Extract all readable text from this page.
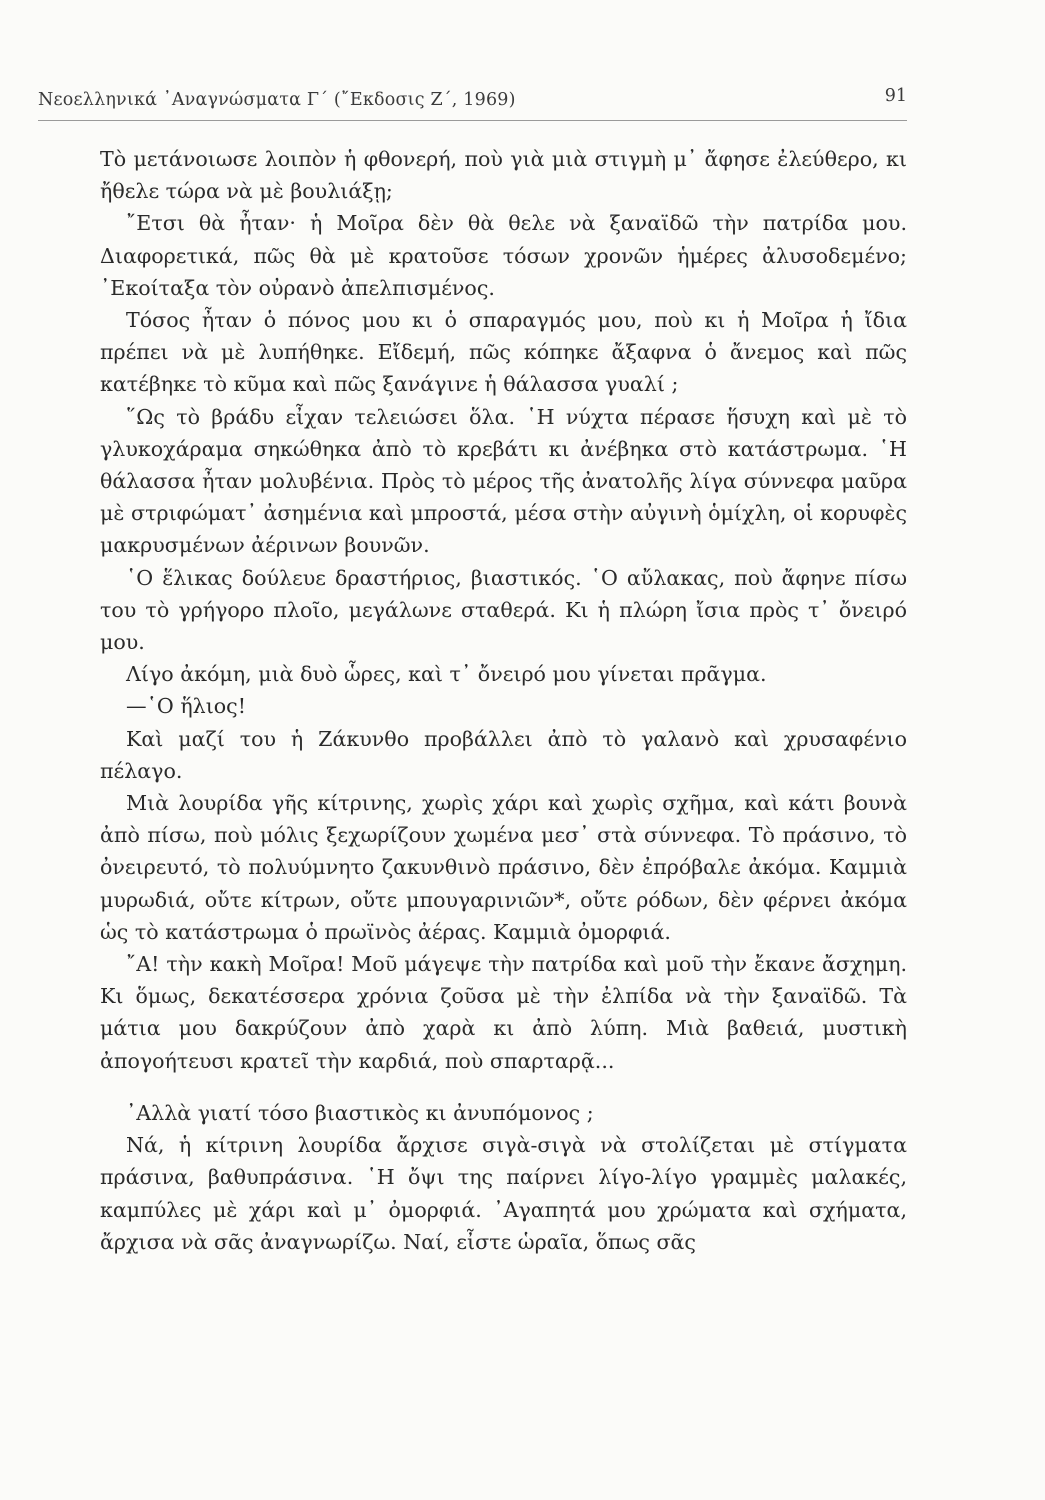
Νεοελληνικά ᾿Αναγνώσματα Γ΄ (῎Εκδοσις Ζ΄, 1969)	91

Τὸ μετάνοιωσε λοιπὸν ἡ φθονερή, ποὺ γιὰ μιὰ στιγμὴ μ᾿ ἄφησε ἐλεύθερο, κι ἤθελε τώρα νὰ μὲ βουλιάξῃ;

῎Ετσι θὰ ἦταν· ἡ Μοῖρα δὲν θὰ θελε νὰ ξαναϊδῶ τὴν πατρίδα μου. Διαφορετικά, πῶς θὰ μὲ κρατοῦσε τόσων χρονῶν ἡμέρες ἀλυσοδεμένο; ᾿Εκοίταξα τὸν οὐρανὸ ἀπελπισμένος.

Τόσος ἦταν ὁ πόνος μου κι ὁ σπαραγμός μου, ποὺ κι ἡ Μοῖρα ἡ ἴδια πρέπει νὰ μὲ λυπήθηκε. Εἴδεμή, πῶς κόπηκε ἄξαφνα ὁ ἄνεμος καὶ πῶς κατέβηκε τὸ κῦμα καὶ πῶς ξανάγινε ἡ θάλασσα γυαλί ;

῞Ως τὸ βράδυ εἶχαν τελειώσει ὅλα. ῾Η νύχτα πέρασε ἥσυχη καὶ μὲ τὸ γλυκοχάραμα σηκώθηκα ἀπὸ τὸ κρεβάτι κι ἀνέβηκα στὸ κατάστρωμα. ῾Η θάλασσα ἦταν μολυβένια. Πρὸς τὸ μέρος τῆς ἀνατολῆς λίγα σύννεφα μαῦρα μὲ στριφώματ᾿ ἀσημένια καὶ μπροστά, μέσα στὴν αὐγινὴ ὁμίχλη, οἱ κορυφὲς μακρυσμένων ἀέρινων βουνῶν.

῾Ο ἕλικας δούλευε δραστήριος, βιαστικός. ῾Ο αὔλακας, ποὺ ἄφηνε πίσω του τὸ γρήγορο πλοῖο, μεγάλωνε σταθερά. Κι ἡ πλώρη ἴσια πρὸς τ᾿ ὄνειρό μου.

Λίγο ἀκόμη, μιὰ δυὸ ὧρες, καὶ τ᾿ ὄνειρό μου γίνεται πρᾶγμα.

—῾Ο ἥλιος!

Καὶ μαζί του ἡ Ζάκυνθο προβάλλει ἀπὸ τὸ γαλανὸ καὶ χρυσαφένιο πέλαγο.

Μιὰ λουρίδα γῆς κίτρινης, χωρὶς χάρι καὶ χωρὶς σχῆμα, καὶ κάτι βουνὰ ἀπὸ πίσω, ποὺ μόλις ξεχωρίζουν χωμένα μεσ᾿ στὰ σύννεφα. Τὸ πράσινο, τὸ ὀνειρευτό, τὸ πολυύμνητο ζακυνθινὸ πράσινο, δὲν ἐπρόβαλε ἀκόμα. Καμμιὰ μυρωδιά, οὔτε κίτρων, οὔτε μπουγαρινιῶν*, οὔτε ρόδων, δὲν φέρνει ἀκόμα ὡς τὸ κατάστρωμα ὁ πρωϊνὸς ἀέρας. Καμμιὰ ὀμορφιά.

῎Α! τὴν κακὴ Μοῖρα! Μοῦ μάγεψε τὴν πατρίδα καὶ μοῦ τὴν ἔκανε ἄσχημη. Κι ὅμως, δεκατέσσερα χρόνια ζοῦσα μὲ τὴν ἐλπίδα νὰ τὴν ξαναϊδῶ. Τὰ μάτια μου δακρύζουν ἀπὸ χαρὰ κι ἀπὸ λύπη. Μιὰ βαθειά, μυστικὴ ἀπογοήτευσι κρατεῖ τὴν καρδιά, ποὺ σπαρταρᾷ...

᾿Αλλὰ γιατί τόσο βιαστικὸς κι ἀνυπόμονος ;

Νά, ἡ κίτρινη λουρίδα ἄρχισε σιγὰ-σιγὰ νὰ στολίζεται μὲ στίγματα πράσινα, βαθυπράσινα. ῾Η ὄψι της παίρνει λίγο-λίγο γραμμὲς μαλακές, καμπύλες μὲ χάρι καὶ μ᾿ ὀμορφιά. ᾿Αγαπητά μου χρώματα καὶ σχήματα, ἄρχισα νὰ σᾶς ἀναγνωρίζω. Ναί, εἶστε ὡραῖα, ὅπως σᾶς
